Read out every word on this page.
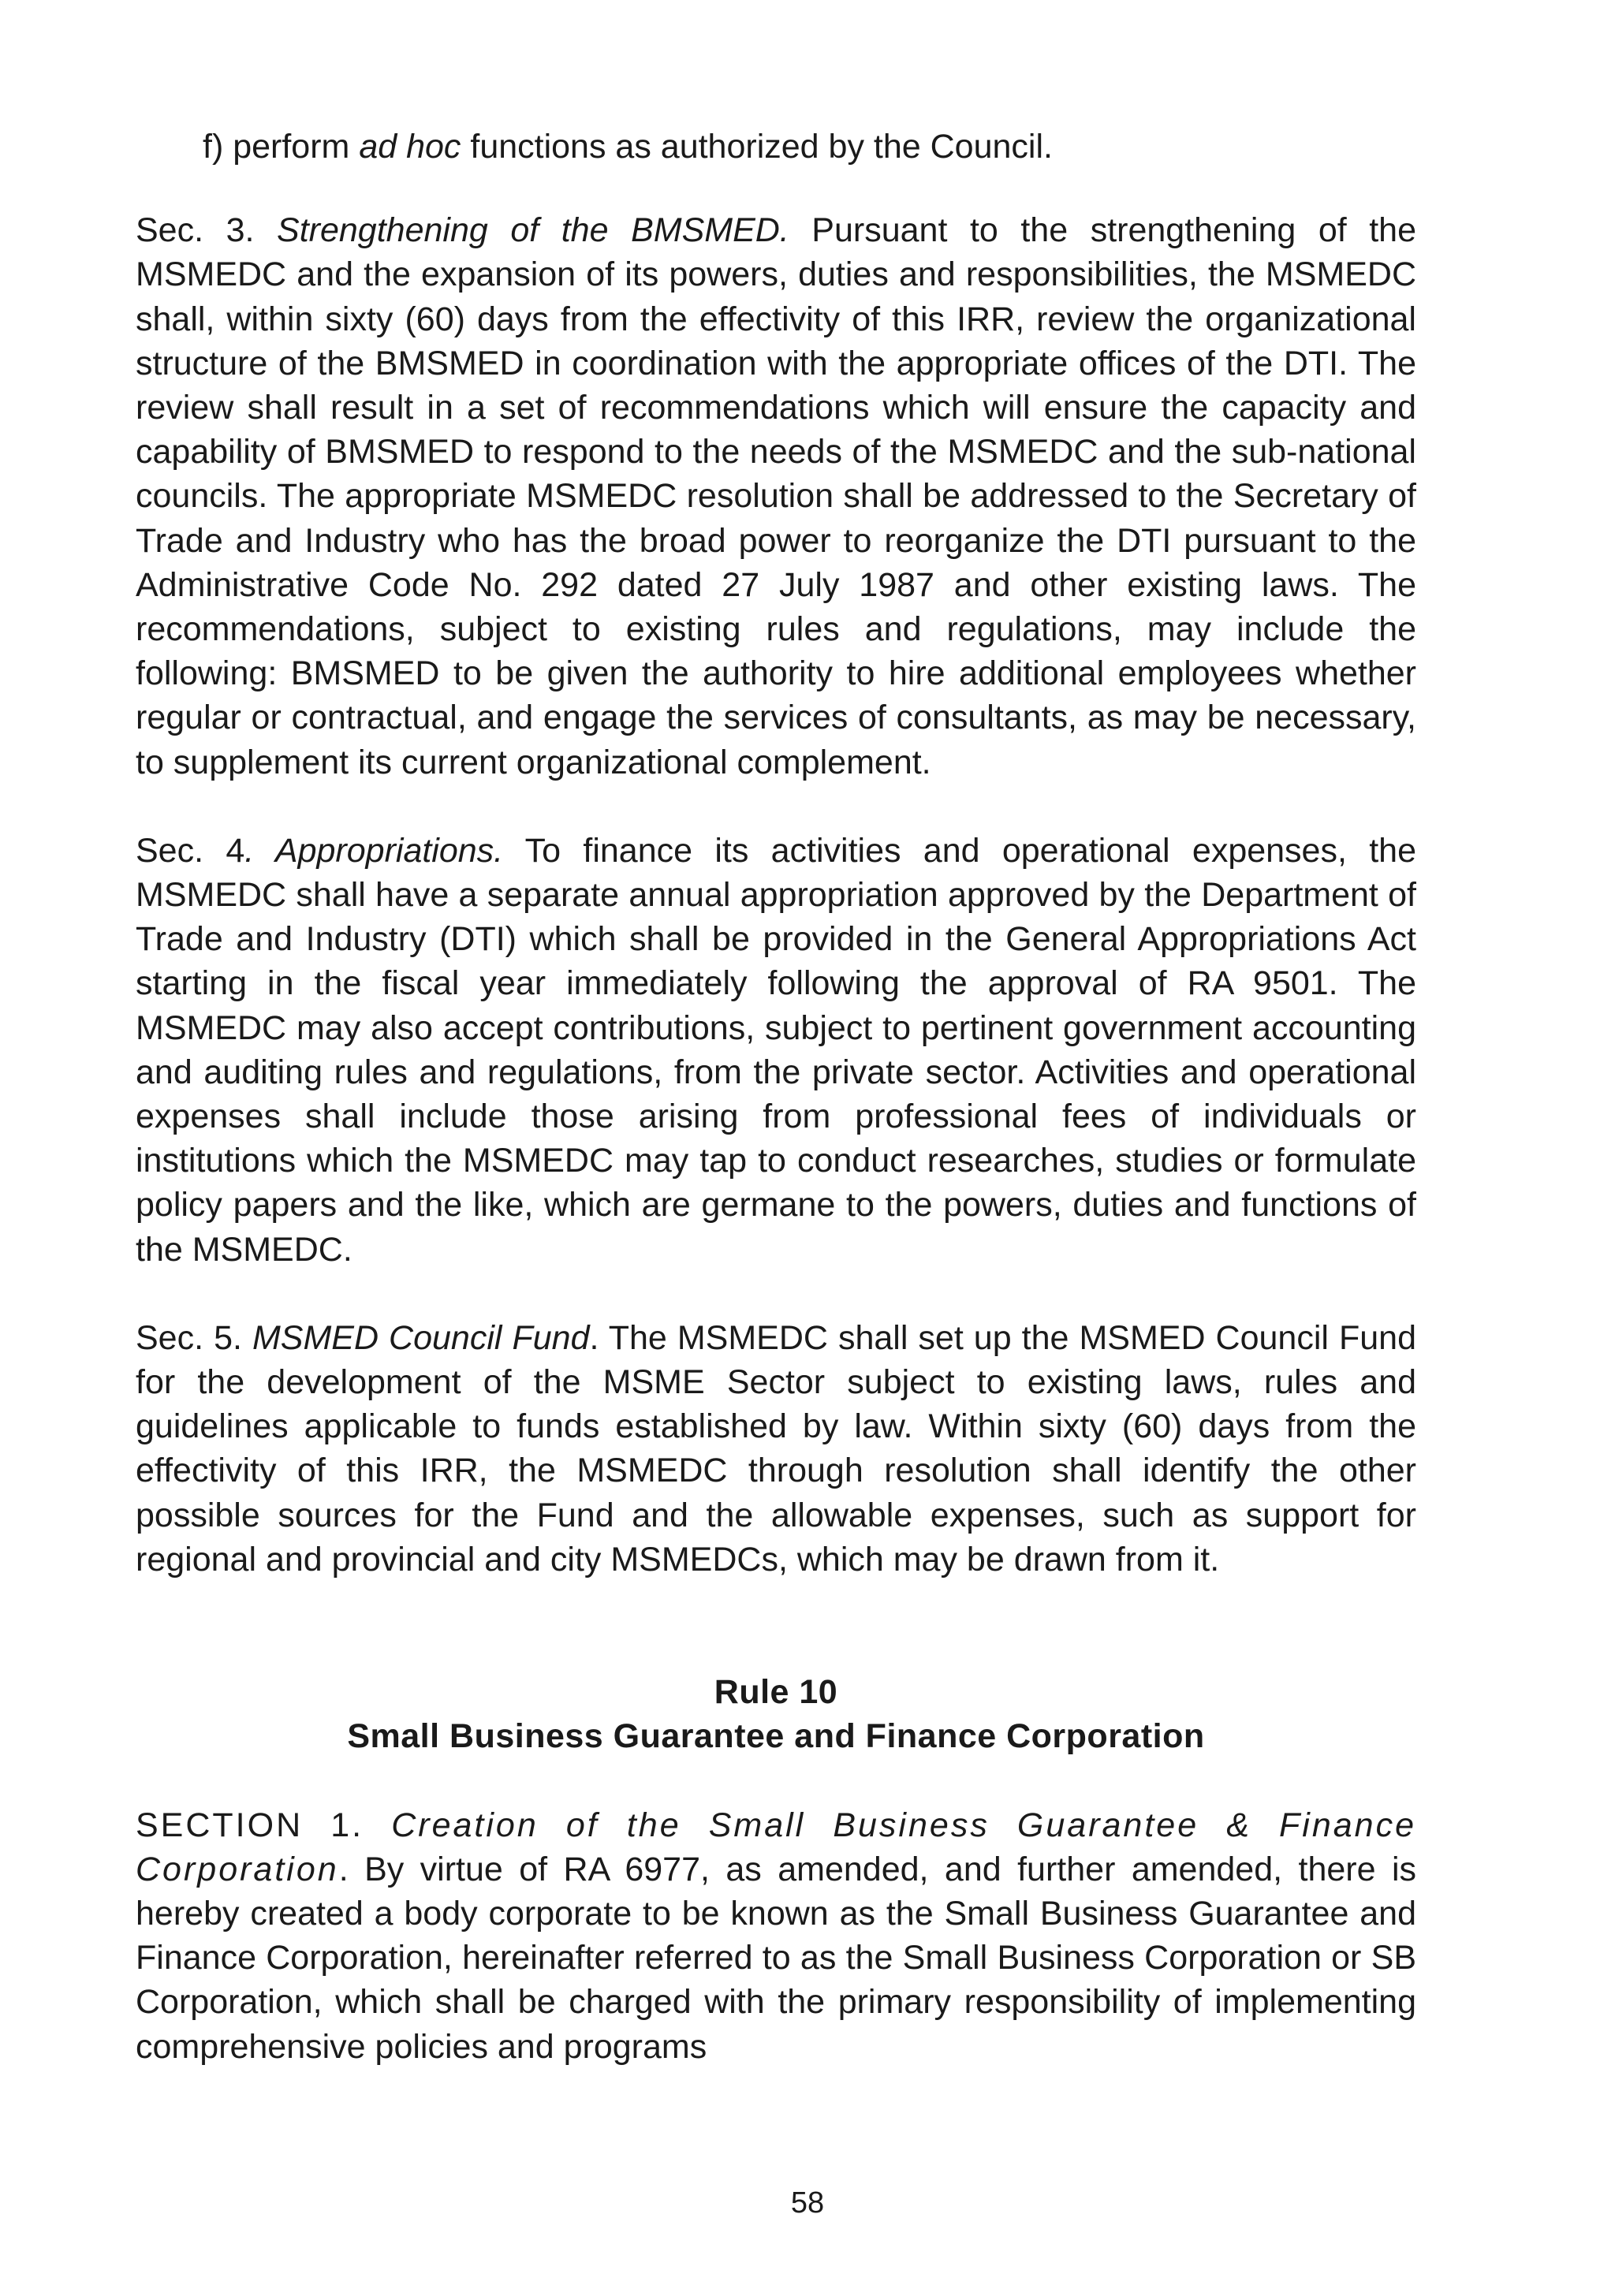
f) perform ad hoc functions as authorized by the Council.

Sec. 3. Strengthening of the BMSMED. Pursuant to the strengthening of the MSMEDC and the expansion of its powers, duties and responsibilities, the MSMEDC shall, within sixty (60) days from the effectivity of this IRR, review the organizational structure of the BMSMED in coordination with the appropriate offices of the DTI. The review shall result in a set of recommendations which will ensure the capacity and capability of BMSMED to respond to the needs of the MSMEDC and the sub-national councils. The appropriate MSMEDC resolution shall be addressed to the Secretary of Trade and Industry who has the broad power to reorganize the DTI pursuant to the Administrative Code No. 292 dated 27 July 1987 and other existing laws. The recommendations, subject to existing rules and regulations, may include the following: BMSMED to be given the authority to hire additional employees whether regular or contractual, and engage the services of consultants, as may be necessary, to supplement its current organizational complement.

Sec. 4. Appropriations. To finance its activities and operational expenses, the MSMEDC shall have a separate annual appropriation approved by the Department of Trade and Industry (DTI) which shall be provided in the General Appropriations Act starting in the fiscal year immediately following the approval of RA 9501. The MSMEDC may also accept contributions, subject to pertinent government accounting and auditing rules and regulations, from the private sector. Activities and operational expenses shall include those arising from professional fees of individuals or institutions which the MSMEDC may tap to conduct researches, studies or formulate policy papers and the like, which are germane to the powers, duties and functions of the MSMEDC.

Sec. 5. MSMED Council Fund. The MSMEDC shall set up the MSMED Council Fund for the development of the MSME Sector subject to existing laws, rules and guidelines applicable to funds established by law. Within sixty (60) days from the effectivity of this IRR, the MSMEDC through resolution shall identify the other possible sources for the Fund and the allowable expenses, such as support for regional and provincial and city MSMEDCs, which may be drawn from it.

Rule 10

Small Business Guarantee and Finance Corporation

SECTION 1. Creation of the Small Business Guarantee & Finance Corporation. By virtue of RA 6977, as amended, and further amended, there is hereby created a body corporate to be known as the Small Business Guarantee and Finance Corporation, hereinafter referred to as the Small Business Corporation or SB Corporation, which shall be charged with the primary responsibility of implementing comprehensive policies and programs

58
